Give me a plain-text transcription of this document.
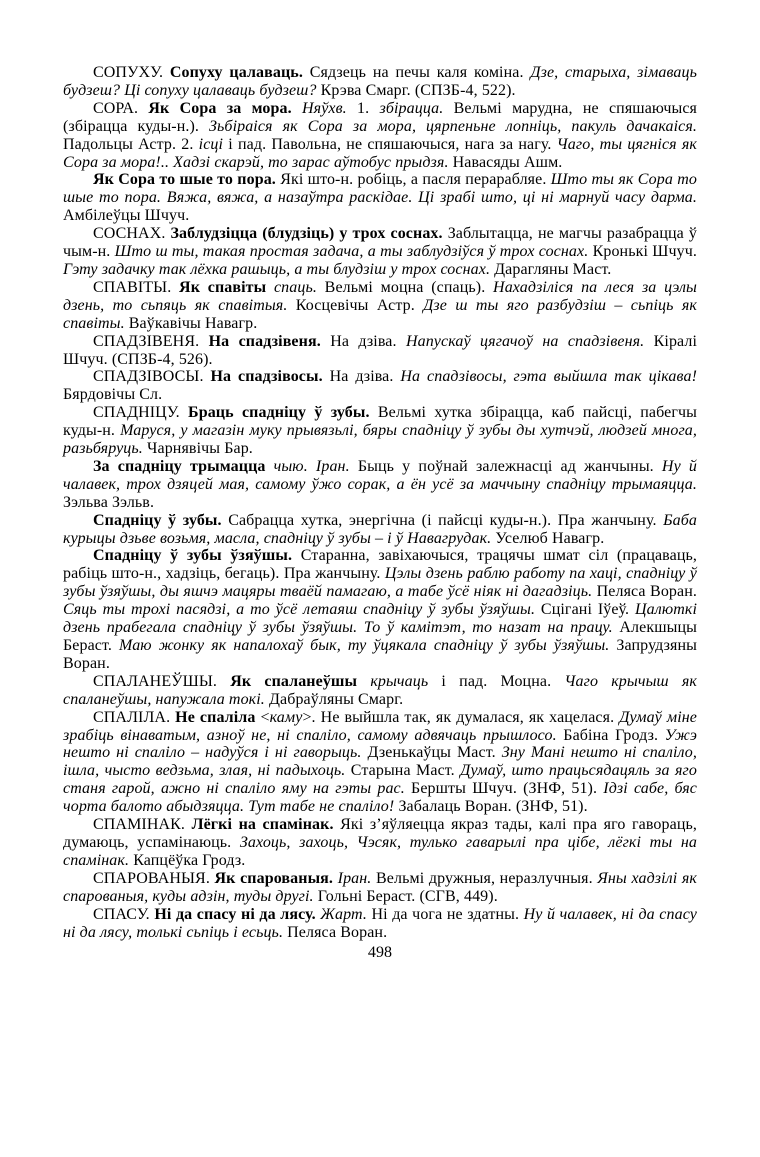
СОПУХУ. Сопуху цалаваць. Сядзець на печы каля коміна. Дзе, старыха, зімаваць будзеш? Ці сопуху цалаваць будзеш? Крэва Смарг. (СПЗБ-4, 522).

СОРА. Як Сора за мора. Няўхв. 1. збірацца. Вельмі марудна, не спяшаючыся (збірацца куды-н.). Зьбіраіся як Сора за мора, цярпеньне лопніць, пакуль дачакаіся. Падольцы Астр. 2. ісці і пад. Павольна, не спяшаючыся, нага за нагу. Чаго, ты цягніся як Сора за мора!.. Хадзі скарэй, то зарас аўтобус прыдзя. Навасяды Ашм.

Як Сора то шые то пора. Які што-н. робіць, а пасля перарабляе. Што ты як Сора то шые то пора. Вяжа, вяжа, а назаўтра раскідае. Ці зрабі што, ці ні марнуй часу дарма. Амбілеўцы Шчуч.

СОСНАХ. Заблудзіцца (блудзіць) у трох соснах. Заблытацца, не магчы разабрацца ў чым-н. Што ш ты, такая простая задача, а ты заблудзіўся ў трох соснах. Кронькі Шчуч. Гэту задачку так лёхка рашыць, а ты блудзіш у трох соснах. Дарагляны Маст.

СПАВІТЫ. Як спавіты спаць. Вельмі моцна (спаць). Нахадзіліся па леся за цэлы дзень, то сьпяць як спавітыя. Косцевічы Астр. Дзе ш ты яго разбудзіш – сьпіць як спавіты. Ваўкавічы Навагр.

СПАДЗІВЕНЯ. На спадзівеня. На дзіва. Напускаў цягачоў на спадзівеня. Кіралі Шчуч. (СПЗБ-4, 526).

СПАДЗІВОСЫ. На спадзівосы. На дзіва. На спадзівосы, гэта выйшла так цікава! Бярдовічы Сл.

СПАДНІЦУ. Браць спадніцу ў зубы. Вельмі хутка збірацца, каб пайсці, пабегчы куды-н. Маруся, у магазін муку прывязьлі, бяры спадніцу ў зубы ды хутчэй, людзей многа, разьбяруць. Чарнявічы Бар.

За спадніцу трымацца чыю. Іран. Быць у поўнай залежнасці ад жанчыны. Ну й чалавек, трох дзяцей мая, самому ўжо сорак, а ён усё за маччыну спадніцу трымаяцца. Зэльва Зэльв.

Спадніцу ў зубы. Сабрацца хутка, энергічна (і пайсці куды-н.). Пра жанчыну. Баба курыцы дзьве возьмя, масла, спадніцу ў зубы – і ў Навагрудак. Уселюб Навагр.

Спадніцу ў зубы ўзяўшы. Старанна, завіхаючыся, трацячы шмат сіл (працаваць, рабіць што-н., хадзіць, бегаць). Пра жанчыну. Цэлы дзень раблю работу па хаці, спадніцу ў зубы ўзяўшы, ды яшчэ мацяры тваёй памагаю, а табе ўсё ніяк ні дагадзіць. Пеляса Воран. Сяць ты трохі пасядзі, а то ўсё летаяш спадніцу ў зубы ўзяўшы. Сцігані Іўеў. Цалюткі дзень прабегала спадніцу ў зубы ўзяўшы. То ў камітэт, то назат на працу. Алекшыцы Бераст. Маю жонку як напалохаў бык, ту ўцякала спадніцу ў зубы ўзяўшы. Запрудзяны Воран.

СПАЛАНЕЎШЫ. Як спаланеўшы крычаць і пад. Моцна. Чаго крычыш як спаланеўшы, напужала токі. Дабраўляны Смарг.

СПАЛІЛА. Не спаліла <каму>. Не выйшла так, як думалася, як хацелася. Думаў міне зрабіць вінаватым, азноў не, ні спаліло, самому адвячаць прышлосо. Бабіна Гродз. Ужэ нешто ні спаліло – надуўся і ні гаворыць. Дзенькаўцы Маст. Зну Мані нешто ні спаліло, ішла, чысто ведзьма, злая, ні падыхоць. Старына Маст. Думаў, што працьсядацяль за яго станя гарой, ажно ні спаліло яму на гэты рас. Бершты Шчуч. (ЗНФ, 51). Ідзі сабе, бяс чорта балото абыдзяцца. Тут табе не спаліло! Забалаць Воран. (ЗНФ, 51).

СПАМІНАК. Лёгкі на спамінак. Які з’яўляецца якраз тады, калі пра яго гавораць, думаюць, успамінаюць. Захоць, захоць, Чэсяк, тулько гаварылі пра цібе, лёгкі ты на спамінак. Капцёўка Гродз.

СПАРОВАНЫЯ. Як спарованыя. Іран. Вельмі дружныя, неразлучныя. Яны хадзілі як спарованыя, куды адзін, туды другі. Гольні Бераст. (СГВ, 449).

СПАСУ. Ні да спасу ні да лясу. Жарт. Ні да чога не здатны. Ну й чалавек, ні да спасу ні да лясу, толькі сьпіць і есьць. Пеляса Воран.

498
